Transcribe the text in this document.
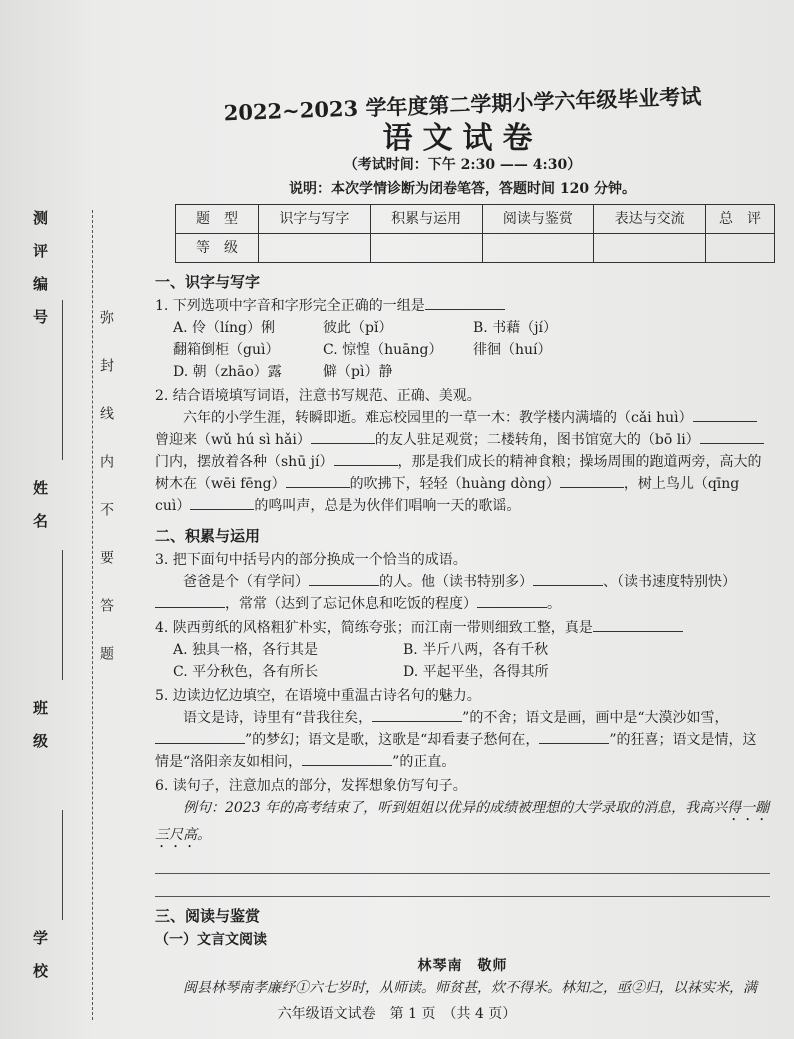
测评编号
姓名
班级
学校
弥封线内不要答题
2022~2023 学年度第二学期小学六年级毕业考试
语文试卷
（考试时间：下午 2:30 —— 4:30）
说明：本次学情诊断为闭卷笔答，答题时间 120 分钟。
题　型	识字与写字	积累与运用	阅读与鉴赏	表达与交流	总　评
等　级					
一、识字与写字
1. 下列选项中字音和字形完全正确的一组是
A. 伶（líng）俐	彼此（pǐ）	B. 书藉（jí）
翻箱倒柜（guì）	C. 惊惶（huāng）	徘徊（huí）
D. 朝（zhāo）露	僻（pì）静
2. 结合语境填写词语，注意书写规范、正确、美观。
六年的小学生涯，转瞬即逝。难忘校园里的一草一木：教学楼内满墙的（cǎi huì）曾迎来（wǔ hú sì hǎi）	的友人驻足观赏；二楼转角，图书馆宽大的（bō li）门内，摆放着各种（shū jí）	，那是我们成长的精神食粮；操场周围的跑道两旁，高大的树木在（wēi fēng）	的吹拂下，轻轻（huàng dòng）	，树上鸟儿（qīng cuì）	的鸣叫声，总是为伙伴们唱响一天的歌谣。
二、积累与运用
3. 把下面句中括号内的部分换成一个恰当的成语。
爸爸是个（有学问）	的人。他（读书特别多）	、（读书速度特别快），常常（达到了忘记休息和吃饭的程度）	。
4. 陕西剪纸的风格粗犷朴实，简练夸张；而江南一带则细致工整，真是
A. 独具一格，各行其是	B. 半斤八两，各有千秋
C. 平分秋色，各有所长	D. 平起平坐，各得其所
5. 边读边忆边填空，在语境中重温古诗名句的魅力。
语文是诗，诗里有“昔我往矣，	”的不舍；语文是画，画中是“大漠沙如雪，”的梦幻；语文是歌，这歌是“却看妻子愁何在，	”的狂喜；语文是情，这情是“洛阳亲友如相问，	”的正直。
6. 读句子，注意加点的部分，发挥想象仿写句子。
例句：2023 年的高考结束了，听到姐姐以优异的成绩被理想的大学录取的消息，我高兴得一蹦三尺高。
三、阅读与鉴赏
（一）文言文阅读
林琴南　敬师
闽县林琴南孝廉纾①六七岁时，从师读。师贫甚，炊不得米。林知之，亟②归，以袜实米，满
六年级语文试卷　第 1 页　（共 4 页）
